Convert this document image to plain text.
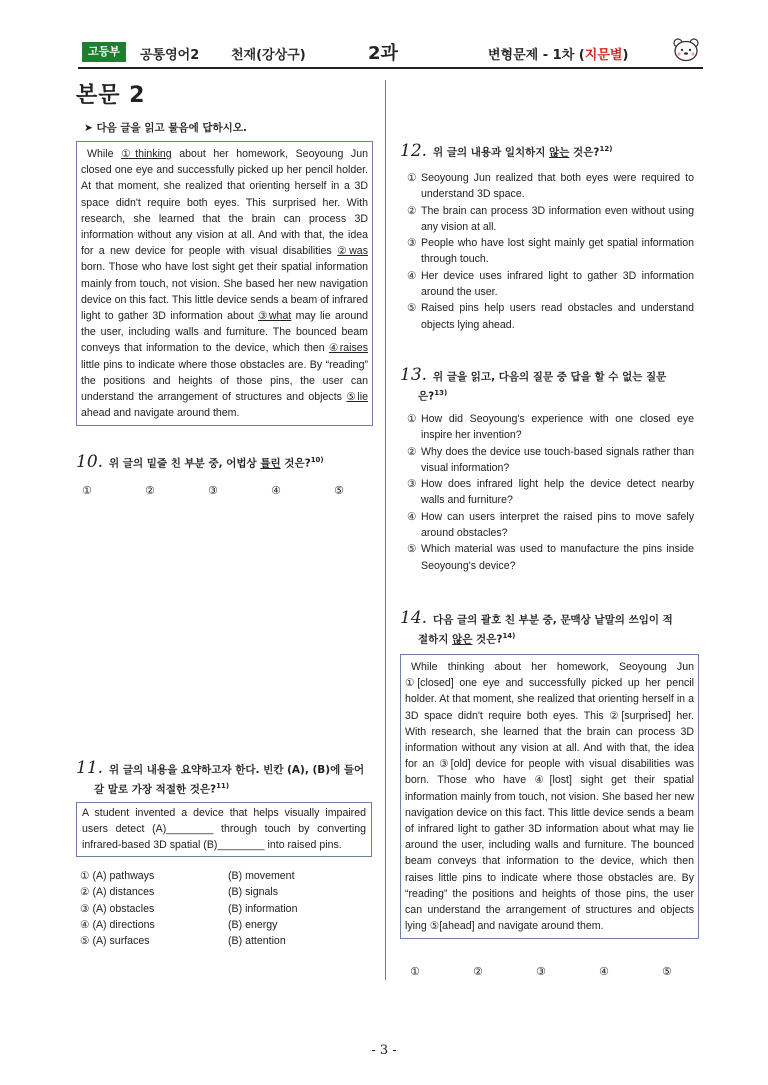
고등부	공통영어2 천재(강상구)	2과	변형문제 - 1차 (지문별)
본문 2
➤ 다음 글을 읽고 물음에 답하시오.

While ①thinking about her homework, Seoyoung Jun closed one eye and successfully picked up her pencil holder. At that moment, she realized that orienting herself in a 3D space didn't require both eyes. This surprised her. With research, she learned that the brain can process 3D information without any vision at all. And with that, the idea for a new device for people with visual disabilities ②was born. Those who have lost sight get their spatial information mainly from touch, not vision. She based her new navigation device on this fact. This little device sends a beam of infrared light to gather 3D information about ③what may lie around the user, including walls and furniture. The bounced beam conveys that information to the device, which then ④raises little pins to indicate where those obstacles are. By “reading” the positions and heights of those pins, the user can understand the arrangement of structures and objects ⑤lie ahead and navigate around them.

10. 위 글의 밑줄 친 부분 중, 어법상 틀린 것은?$^{10)}$
①	②	③	④	⑤
11. 위 글의 내용을 요약하고자 한다. 빈칸 (A), (B)에 들어
갈 말로 가장 적절한 것은?$^{11)}$
A student invented a device that helps visually impaired users detect (A)________ through touch by converting infrared-based 3D spatial (B)________ into raised pins.
① (A) pathways	(B) movement
② (A) distances	(B) signals
③ (A) obstacles	(B) information
④ (A) directions	(B) energy
⑤ (A) surfaces	(B) attention
12. 위 글의 내용과 일치하지 않는 것은?$^{12)}$
① Seoyoung Jun realized that both eyes were required to understand 3D space.
② The brain can process 3D information even without using any vision at all.
③ People who have lost sight mainly get spatial information through touch.
④ Her device uses infrared light to gather 3D information around the user.
⑤ Raised pins help users read obstacles and understand objects lying ahead.
13. 위 글을 읽고, 다음의 질문 중 답을 할 수 없는 질문
은?$^{13)}$
① How did Seoyoung's experience with one closed eye inspire her invention?
② Why does the device use touch-based signals rather than visual information?
③ How does infrared light help the device detect nearby walls and furniture?
④ How can users interpret the raised pins to move safely around obstacles?
⑤ Which material was used to manufacture the pins inside Seoyoung's device?
14. 다음 글의 괄호 친 부분 중, 문맥상 낱말의 쓰임이 적
절하지 않은 것은?$^{14)}$

While thinking about her homework, Seoyoung Jun ①[closed] one eye and successfully picked up her pencil holder. At that moment, she realized that orienting herself in a 3D space didn't require both eyes. This ②[surprised] her. With research, she learned that the brain can process 3D information without any vision at all. And with that, the idea for an ③[old] device for people with visual disabilities was born. Those who have ④[lost] sight get their spatial information mainly from touch, not vision. She based her new navigation device on this fact. This little device sends a beam of infrared light to gather 3D information about what may lie around the user, including walls and furniture. The bounced beam conveys that information to the device, which then raises little pins to indicate where those obstacles are. By “reading” the positions and heights of those pins, the user can understand the arrangement of structures and objects lying ⑤[ahead] and navigate around them.

①	②	③	④	⑤
- 3 -
